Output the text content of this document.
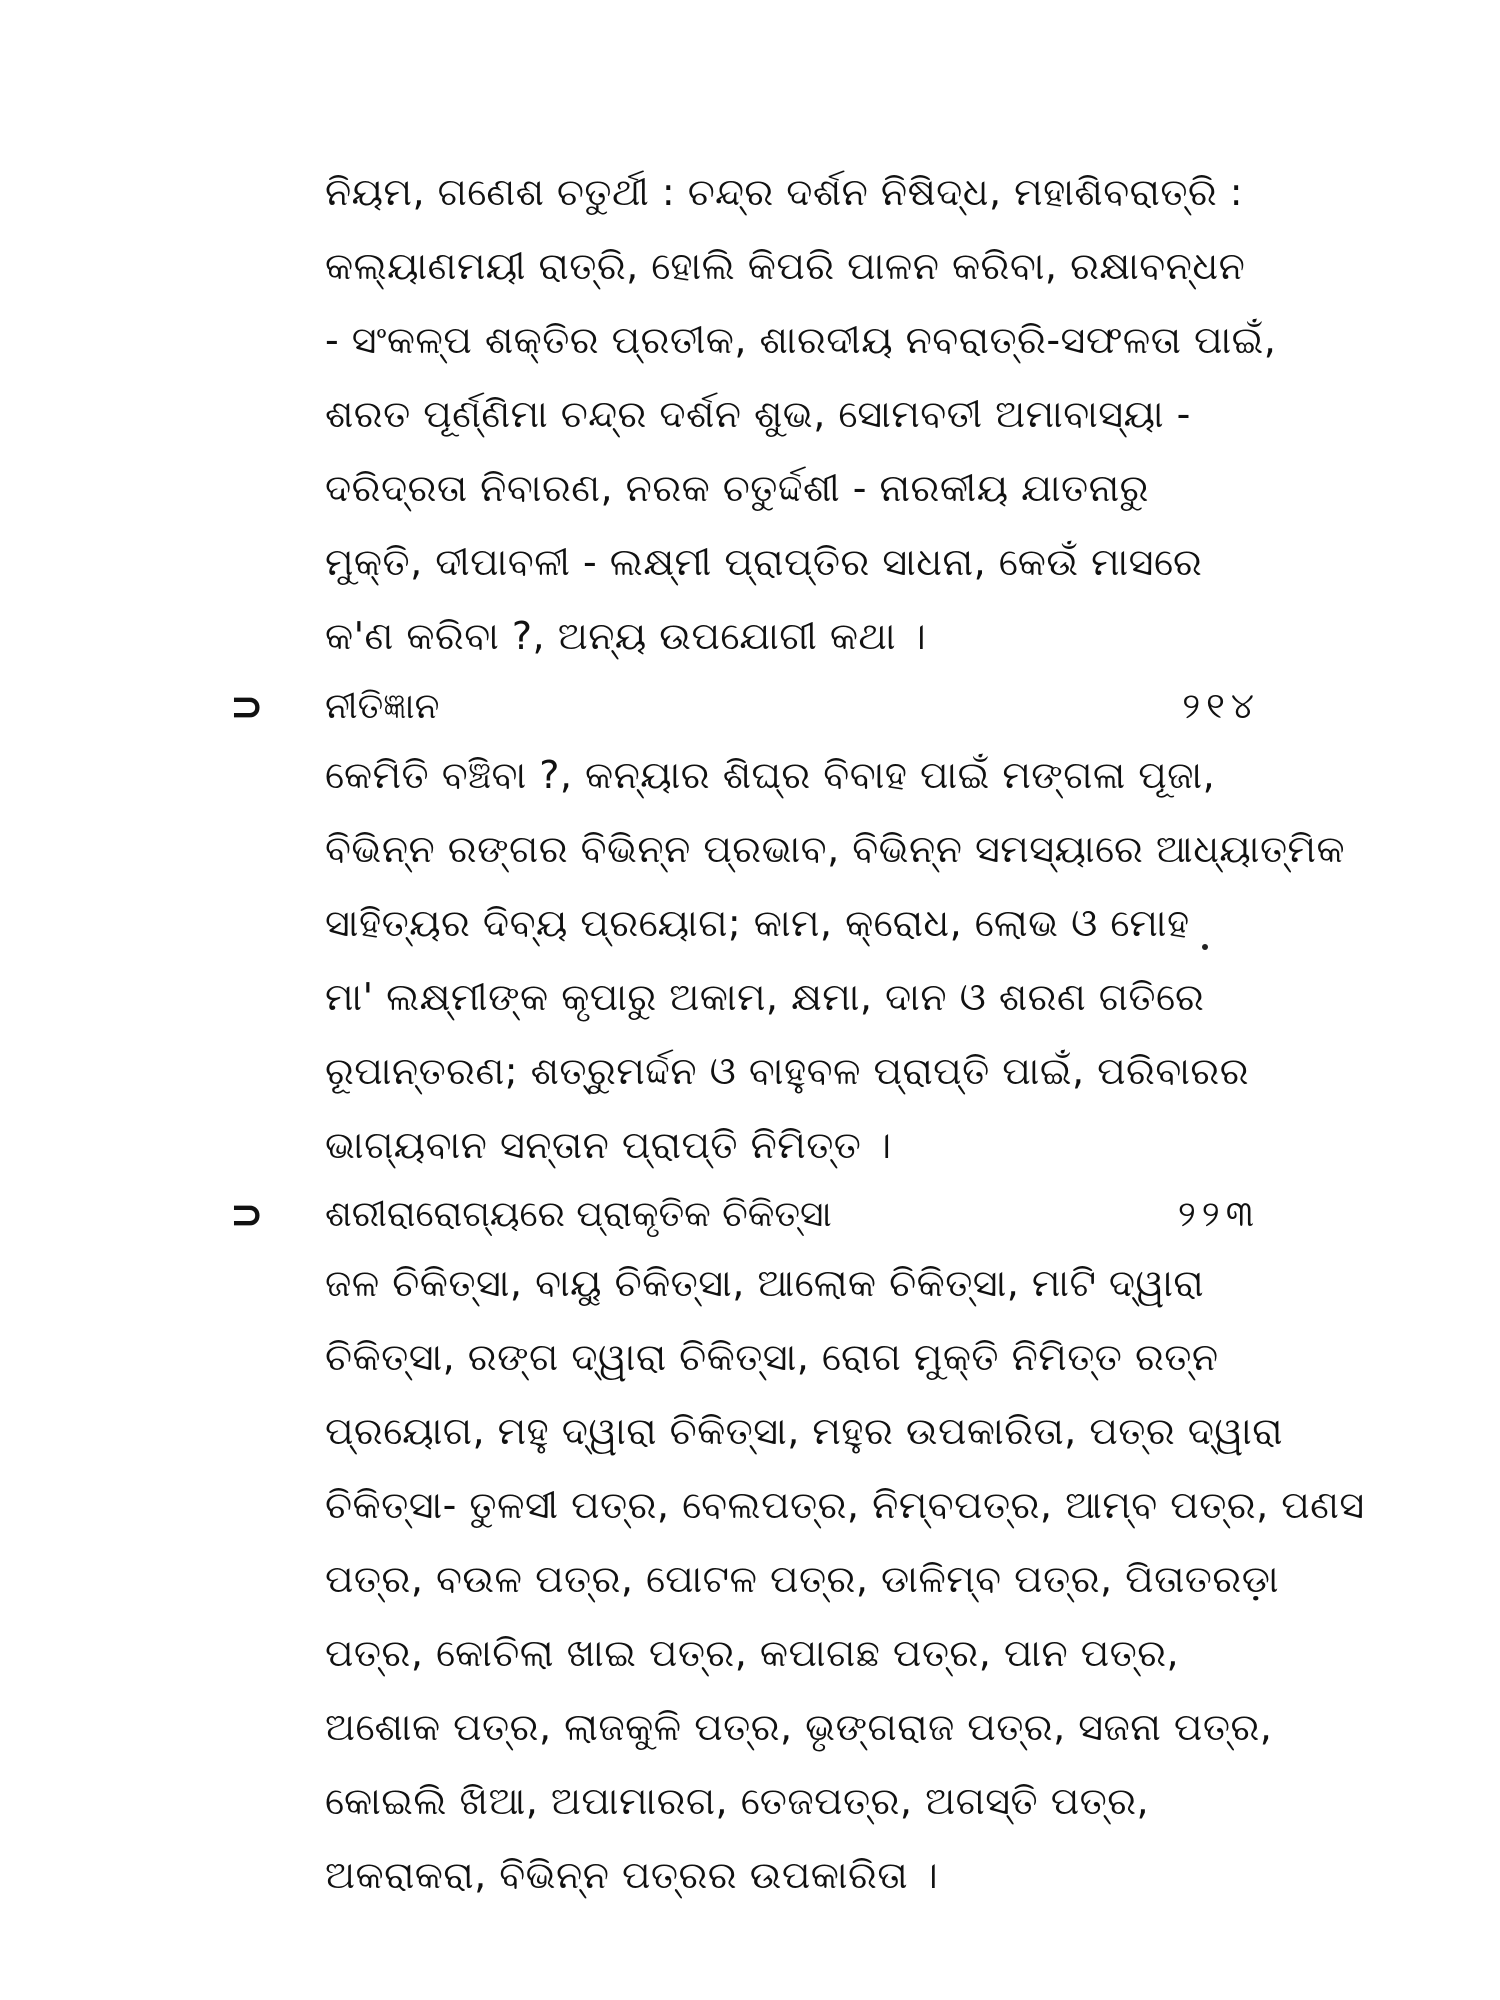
ନିୟମ, ଗଣେଶ ଚତୁର୍ଥୀ : ଚନ୍ଦ୍ର ଦର୍ଶନ ନିଷିଦ୍ଧ, ମହାଶିବରାତ୍ରି :
କଲ୍ୟାଣମୟୀ ରାତ୍ରି, ହୋଲି କିପରି ପାଳନ କରିବା, ରକ୍ଷାବନ୍ଧନ
- ସଂକଳ୍ପ ଶକ୍ତିର ପ୍ରତୀକ, ଶାରଦୀୟ ନବରାତ୍ରି-ସଫଳତା ପାଇଁ,
ଶରତ ପୂର୍ଣ୍ଣିମା ଚନ୍ଦ୍ର ଦର୍ଶନ ଶୁଭ, ସୋମବତୀ ଅମାବାସ୍ୟା -
ଦରିଦ୍ରତା ନିବାରଣ, ନରକ ଚତୁର୍ଦ୍ଦଶୀ - ନାରକୀୟ ଯାତନାରୁ
ମୁକ୍ତି, ଦୀପାବଳୀ - ଲକ୍ଷ୍ମୀ ପ୍ରାପ୍ତିର ସାଧନା, କେଉଁ ମାସରେ
କ'ଣ କରିବା ?, ଅନ୍ୟ ଉପଯୋଗୀ କଥା ।
⊃ ନୀତିଜ୍ଞାନ	୨୧୪
କେମିତି ବଞ୍ଚିବା ?, କନ୍ୟାର ଶିଘ୍ର ବିବାହ ପାଇଁ ମଙ୍ଗଳା ପୂଜା,
ବିଭିନ୍ନ ରଙ୍ଗର ବିଭିନ୍ନ ପ୍ରଭାବ, ବିଭିନ୍ନ ସମସ୍ୟାରେ ଆଧ୍ୟାତ୍ମିକ
ସାହିତ୍ୟର ଦିବ୍ୟ ପ୍ରୟୋଗ; କାମ, କ୍ରୋଧ, ଲୋଭ ଓ ମୋହ
ମା' ଲକ୍ଷ୍ମୀଙ୍କ କୃପାରୁ ଅକାମ, କ୍ଷମା, ଦାନ ଓ ଶରଣ ଗତିରେ
ରୂପାନ୍ତରଣ; ଶତ୍ରୁମର୍ଦ୍ଦନ ଓ ବାହୁବଳ ପ୍ରାପ୍ତି ପାଇଁ, ପରିବାରର
ଭାଗ୍ୟବାନ ସନ୍ତାନ ପ୍ରାପ୍ତି ନିମିତ୍ତ ।
⊃ ଶରୀରାରୋଗ୍ୟରେ ପ୍ରାକୃତିକ ଚିକିତ୍ସା	୨୨୩
ଜଳ ଚିକିତ୍ସା, ବାୟୁ ଚିକିତ୍ସା, ଆଲୋକ ଚିକିତ୍ସା, ମାଟି ଦ୍ୱାରା
ଚିକିତ୍ସା, ରଙ୍ଗ ଦ୍ୱାରା ଚିକିତ୍ସା, ରୋଗ ମୁକ୍ତି ନିମିତ୍ତ ରତ୍ନ
ପ୍ରୟୋଗ, ମହୁ ଦ୍ୱାରା ଚିକିତ୍ସା, ମହୁର ଉପକାରିତା, ପତ୍ର ଦ୍ୱାରା
ଚିକିତ୍ସା- ତୁଳସୀ ପତ୍ର, ବେଲପତ୍ର, ନିମ୍ବପତ୍ର, ଆମ୍ବ ପତ୍ର, ପଣସ
ପତ୍ର, ବଉଳ ପତ୍ର, ପୋଟଳ ପତ୍ର, ଡାଳିମ୍ବ ପତ୍ର, ପିତାତରଡ଼ା
ପତ୍ର, କୋଚିଲା ଖାଇ ପତ୍ର, କପାଗଛ ପତ୍ର, ପାନ ପତ୍ର,
ଅଶୋକ ପତ୍ର, ଲାଜକୁଳି ପତ୍ର, ଭୃଙ୍ଗରାଜ ପତ୍ର, ସଜନା ପତ୍ର,
କୋଇଲି ଖିଆ, ଅପାମାରଗ, ତେଜପତ୍ର, ଅଗସ୍ତି ପତ୍ର,
ଅକରାକରା, ବିଭିନ୍ନ ପତ୍ରର ଉପକାରିତା ।
